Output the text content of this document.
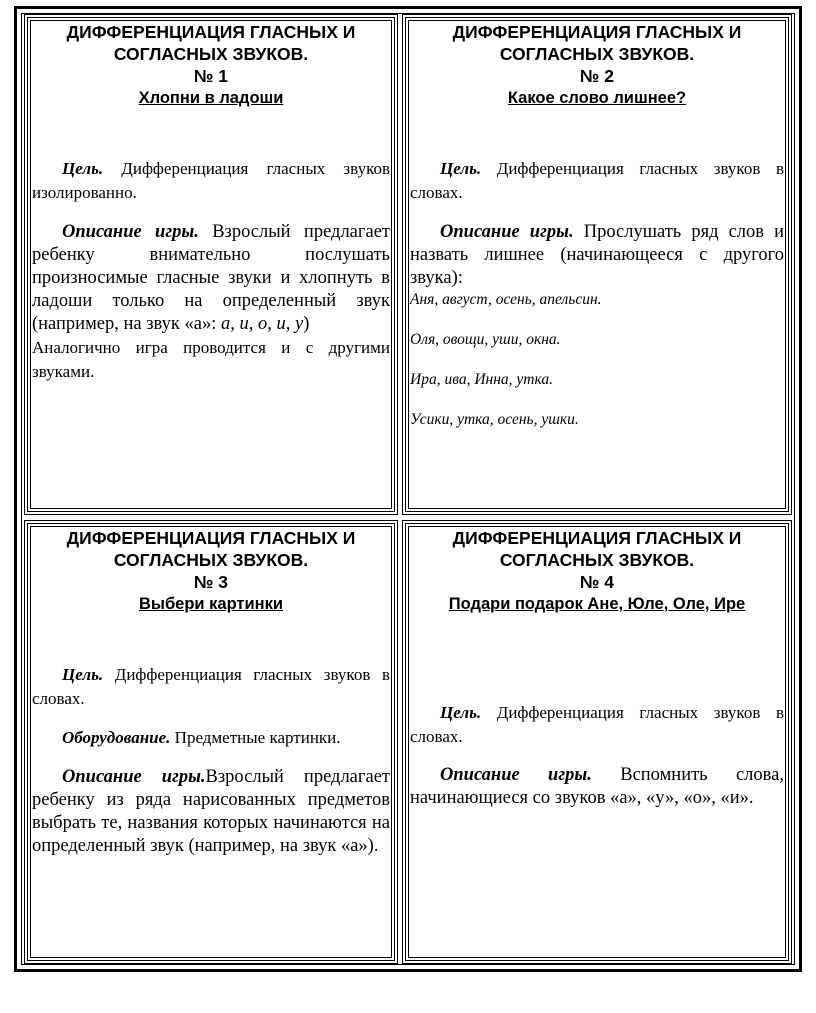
ДИФФЕРЕНЦИАЦИЯ ГЛАСНЫХ И СОГЛАСНЫХ ЗВУКОВ.

№ 1

Хлопни в ладоши

Цель. Дифференциация гласных звуков изолированно.

Описание игры. Взрослый предлагает ребенку внимательно послушать произносимые гласные звуки и хлопнуть в ладоши только на определенный звук (например, на звук «а»: а, и, о, и, у)

Аналогично игра проводится и с другими звуками.

ДИФФЕРЕНЦИАЦИЯ ГЛАСНЫХ И СОГЛАСНЫХ ЗВУКОВ.

№ 2

Какое слово лишнее?

Цель. Дифференциация гласных звуков в словах.

Описание игры. Прослушать ряд слов и назвать лишнее (начинающееся с другого звука):

Аня, август, осень, апельсин.

Оля, овощи, уши, окна.

Ира, ива, Инна, утка.

Усики, утка, осень, ушки.

ДИФФЕРЕНЦИАЦИЯ ГЛАСНЫХ И СОГЛАСНЫХ ЗВУКОВ.

№ 3

Выбери картинки

Цель. Дифференциация гласных звуков в словах.

Оборудование. Предметные картинки.

Описание игры.Взрослый предлагает ребенку из ряда нарисованных предметов выбрать те, названия которых начинаются на определенный звук (например, на звук «а»).

ДИФФЕРЕНЦИАЦИЯ ГЛАСНЫХ И СОГЛАСНЫХ ЗВУКОВ.

№ 4

Подари подарок Ане, Юле, Оле, Ире

Цель. Дифференциация гласных звуков в словах.

Описание игры. Вспомнить слова, начинающиеся со звуков «а», «у», «о», «и».
